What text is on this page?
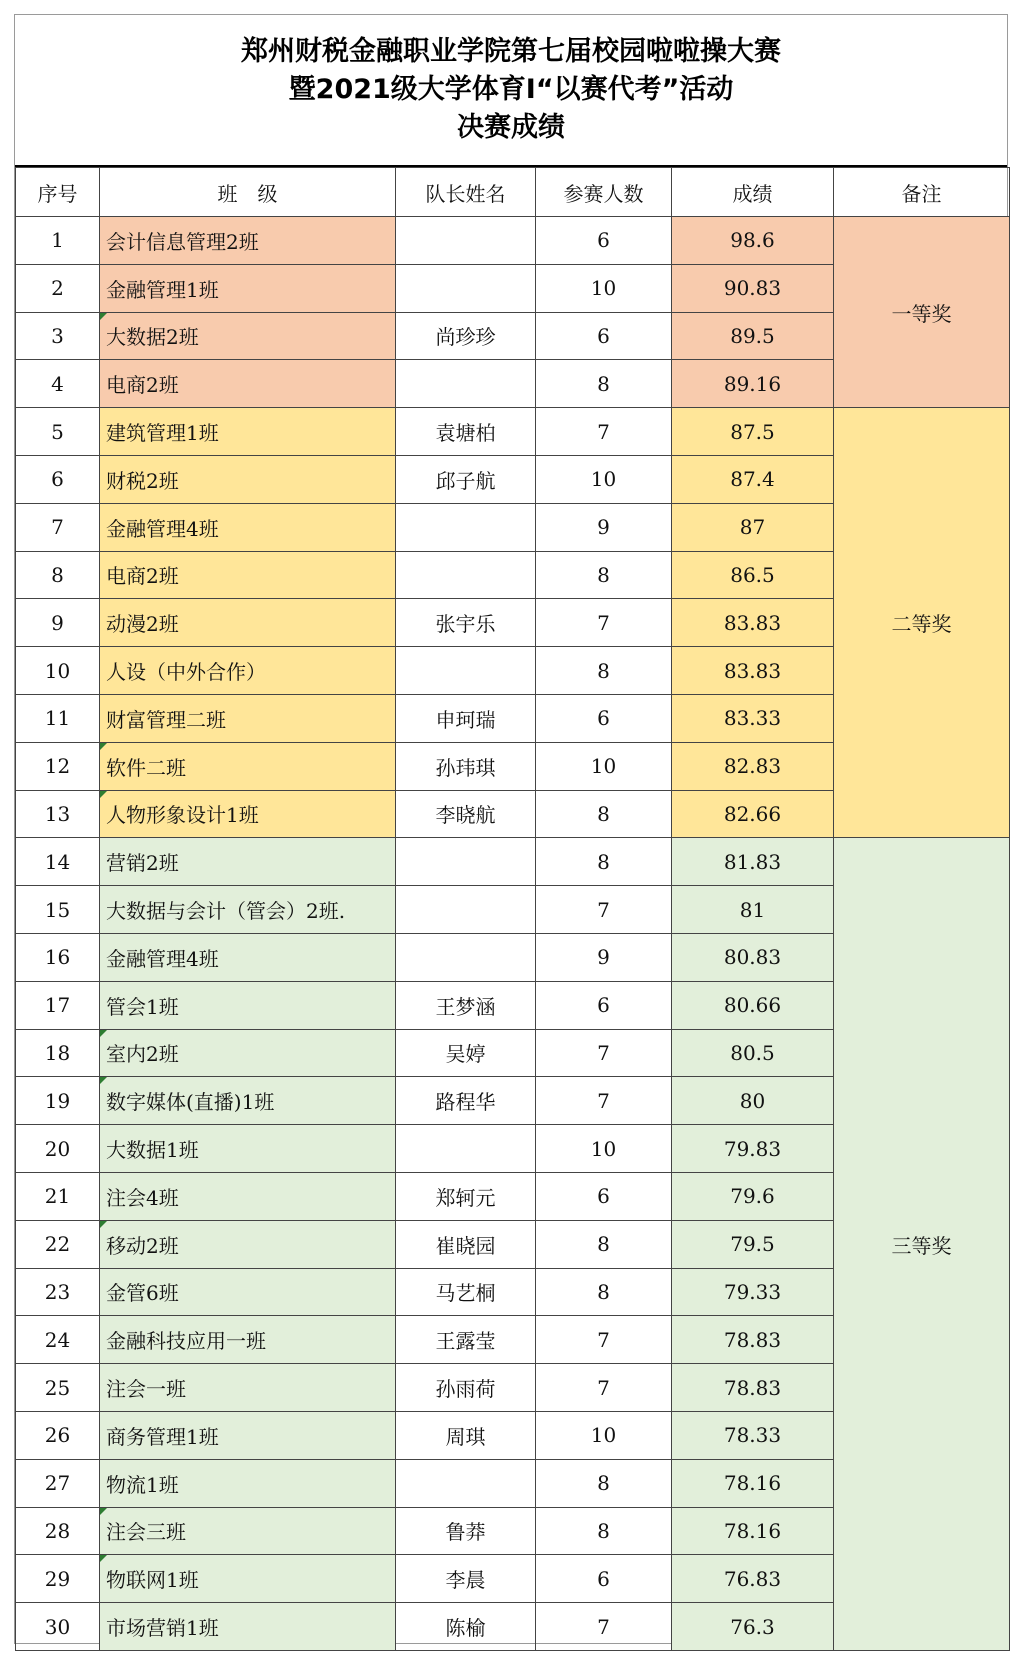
郑州财税金融职业学院第七届校园啦啦操大赛
暨2021级大学体育Ⅰ“以赛代考”活动
决赛成绩
序号	班　级	队长姓名	参赛人数	成绩	备注
1	会计信息管理2班		6	98.6	一等奖
2	金融管理1班		10	90.83	
3	大数据2班	尚珍珍	6	89.5	
4	电商2班		8	89.16	
5	建筑管理1班	袁塘柏	7	87.5	二等奖
6	财税2班	邱子航	10	87.4	
7	金融管理4班		9	87	
8	电商2班		8	86.5	
9	动漫2班	张宇乐	7	83.83	
10	人设（中外合作）		8	83.83	
11	财富管理二班	申珂瑞	6	83.33	
12	软件二班	孙玮琪	10	82.83	
13	人物形象设计1班	李晓航	8	82.66	
14	营销2班		8	81.83	三等奖
15	大数据与会计（管会）2班.		7	81	
16	金融管理4班		9	80.83	
17	管会1班	王梦涵	6	80.66	
18	室内2班	吴婷	7	80.5	
19	数字媒体(直播)1班	路程华	7	80	
20	大数据1班		10	79.83	
21	注会4班	郑轲元	6	79.6	
22	移动2班	崔晓园	8	79.5	
23	金管6班	马艺桐	8	79.33	
24	金融科技应用一班	王露莹	7	78.83	
25	注会一班	孙雨荷	7	78.83	
26	商务管理1班	周琪	10	78.33	
27	物流1班		8	78.16	
28	注会三班	鲁莽	8	78.16	
29	物联网1班	李晨	6	76.83	
30	市场营销1班	陈榆	7	76.3	
